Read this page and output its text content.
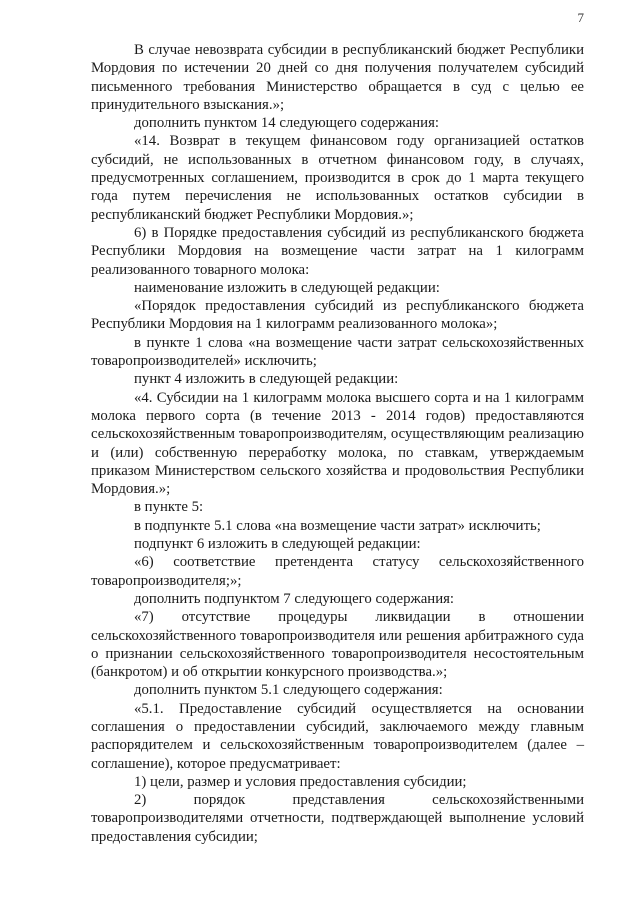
7

В случае невозврата субсидии в республиканский бюджет Республики Мордовия по истечении 20 дней со дня получения получателем субсидий письменного требования Министерство обращается в суд с целью ее принудительного взыскания.»;

дополнить пунктом 14 следующего содержания:

«14. Возврат в текущем финансовом году организацией остатков субсидий, не использованных в отчетном финансовом году, в случаях, предусмотренных соглашением, производится в срок до 1 марта текущего года путем перечисления не использованных остатков субсидии в республиканский бюджет Республики Мордовия.»;

6) в Порядке предоставления субсидий из республиканского бюджета Республики Мордовия на возмещение части затрат на 1 килограмм реализованного товарного молока:

наименование изложить в следующей редакции:

«Порядок предоставления субсидий из республиканского бюджета Республики Мордовия на 1 килограмм реализованного молока»;

в пункте 1 слова «на возмещение части затрат сельскохозяйственных товаропроизводителей» исключить;

пункт 4 изложить в следующей редакции:

«4. Субсидии на 1 килограмм молока высшего сорта и на 1 килограмм молока первого сорта (в течение 2013 - 2014 годов) предоставляются сельскохозяйственным товаропроизводителям, осуществляющим реализацию и (или) собственную переработку молока, по ставкам, утверждаемым приказом Министерством сельского хозяйства и продовольствия Республики Мордовия.»;

в пункте 5:

в подпункте 5.1 слова «на возмещение части затрат» исключить;

подпункт 6 изложить в следующей редакции:

«6) соответствие претендента статусу сельскохозяйственного товаропроизводителя;»;

дополнить подпунктом 7 следующего содержания:

«7) отсутствие процедуры ликвидации в отношении сельскохозяйственного товаропроизводителя или решения арбитражного суда о признании сельскохозяйственного товаропроизводителя несостоятельным (банкротом) и об открытии конкурсного производства.»;

дополнить пунктом 5.1 следующего содержания:

«5.1. Предоставление субсидий осуществляется на основании соглашения о предоставлении субсидий, заключаемого между главным распорядителем и сельскохозяйственным товаропроизводителем (далее – соглашение), которое предусматривает:

1) цели, размер и условия предоставления субсидии;

2) порядок представления сельскохозяйственными товаропроизводителями отчетности, подтверждающей выполнение условий предоставления субсидии;
